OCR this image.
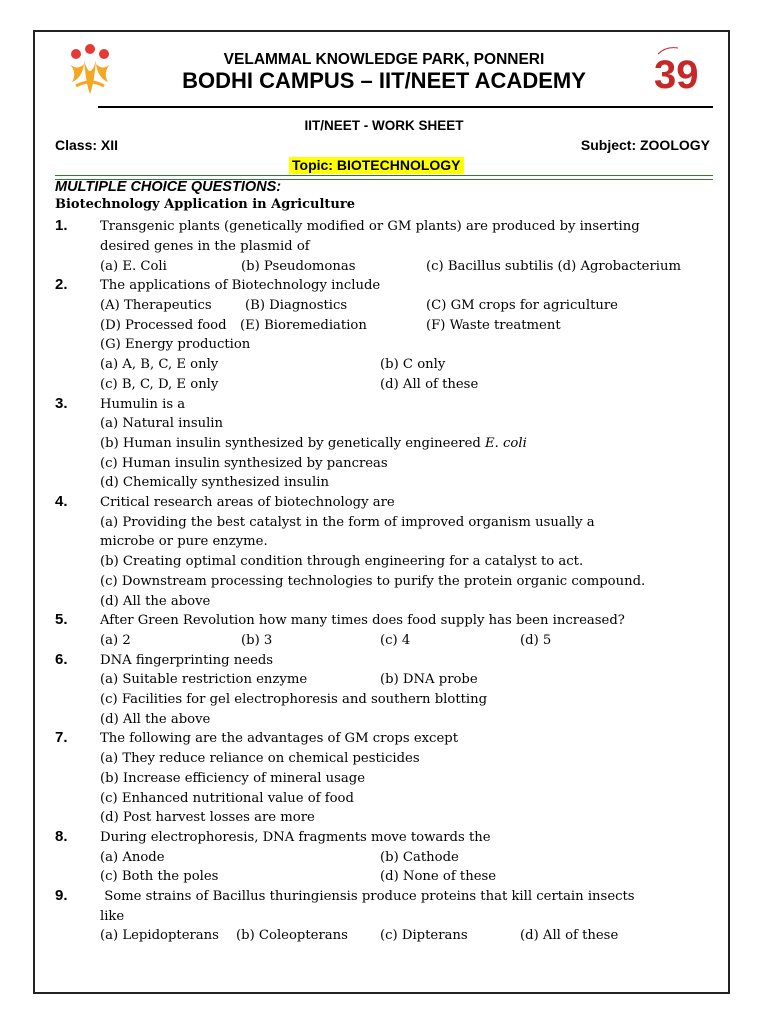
39
VELAMMAL KNOWLEDGE PARK, PONNERI
BODHI CAMPUS – IIT/NEET ACADEMY
IIT/NEET - WORK SHEET
Class: XII	Subject: ZOOLOGY
Topic: BIOTECHNOLOGY
MULTIPLE CHOICE QUESTIONS:
Biotechnology Application in Agriculture
1. Transgenic plants (genetically modified or GM plants) are produced by inserting
desired genes in the plasmid of
(a) E. Coli	(b) Pseudomonas	(c) Bacillus subtilis (d) Agrobacterium
2. The applications of Biotechnology include
(A) Therapeutics	(B) Diagnostics	(C) GM crops for agriculture
(D) Processed food (E) Bioremediation	(F) Waste treatment
(G) Energy production
(a) A, B, C, E only	(b) C only
(c) B, C, D, E only	(d) All of these
3. Humulin is a
(a) Natural insulin
(b) Human insulin synthesized by genetically engineered E. coli
(c) Human insulin synthesized by pancreas
(d) Chemically synthesized insulin
4. Critical research areas of biotechnology are
(a) Providing the best catalyst in the form of improved organism usually a
microbe or pure enzyme.
(b) Creating optimal condition through engineering for a catalyst to act.
(c) Downstream processing technologies to purify the protein organic compound.
(d) All the above
5. After Green Revolution how many times does food supply has been increased?
(a) 2	(b) 3	(c) 4	(d) 5
6. DNA fingerprinting needs
(a) Suitable restriction enzyme	(b) DNA probe
(c) Facilities for gel electrophoresis and southern blotting
(d) All the above
7. The following are the advantages of GM crops except
(a) They reduce reliance on chemical pesticides
(b) Increase efficiency of mineral usage
(c) Enhanced nutritional value of food
(d) Post harvest losses are more
8. During electrophoresis, DNA fragments move towards the
(a) Anode	(b) Cathode
(c) Both the poles	(d) None of these
9. Some strains of Bacillus thuringiensis produce proteins that kill certain insects
like
(a) Lepidopterans (b) Coleopterans (c) Dipterans	(d) All of these
